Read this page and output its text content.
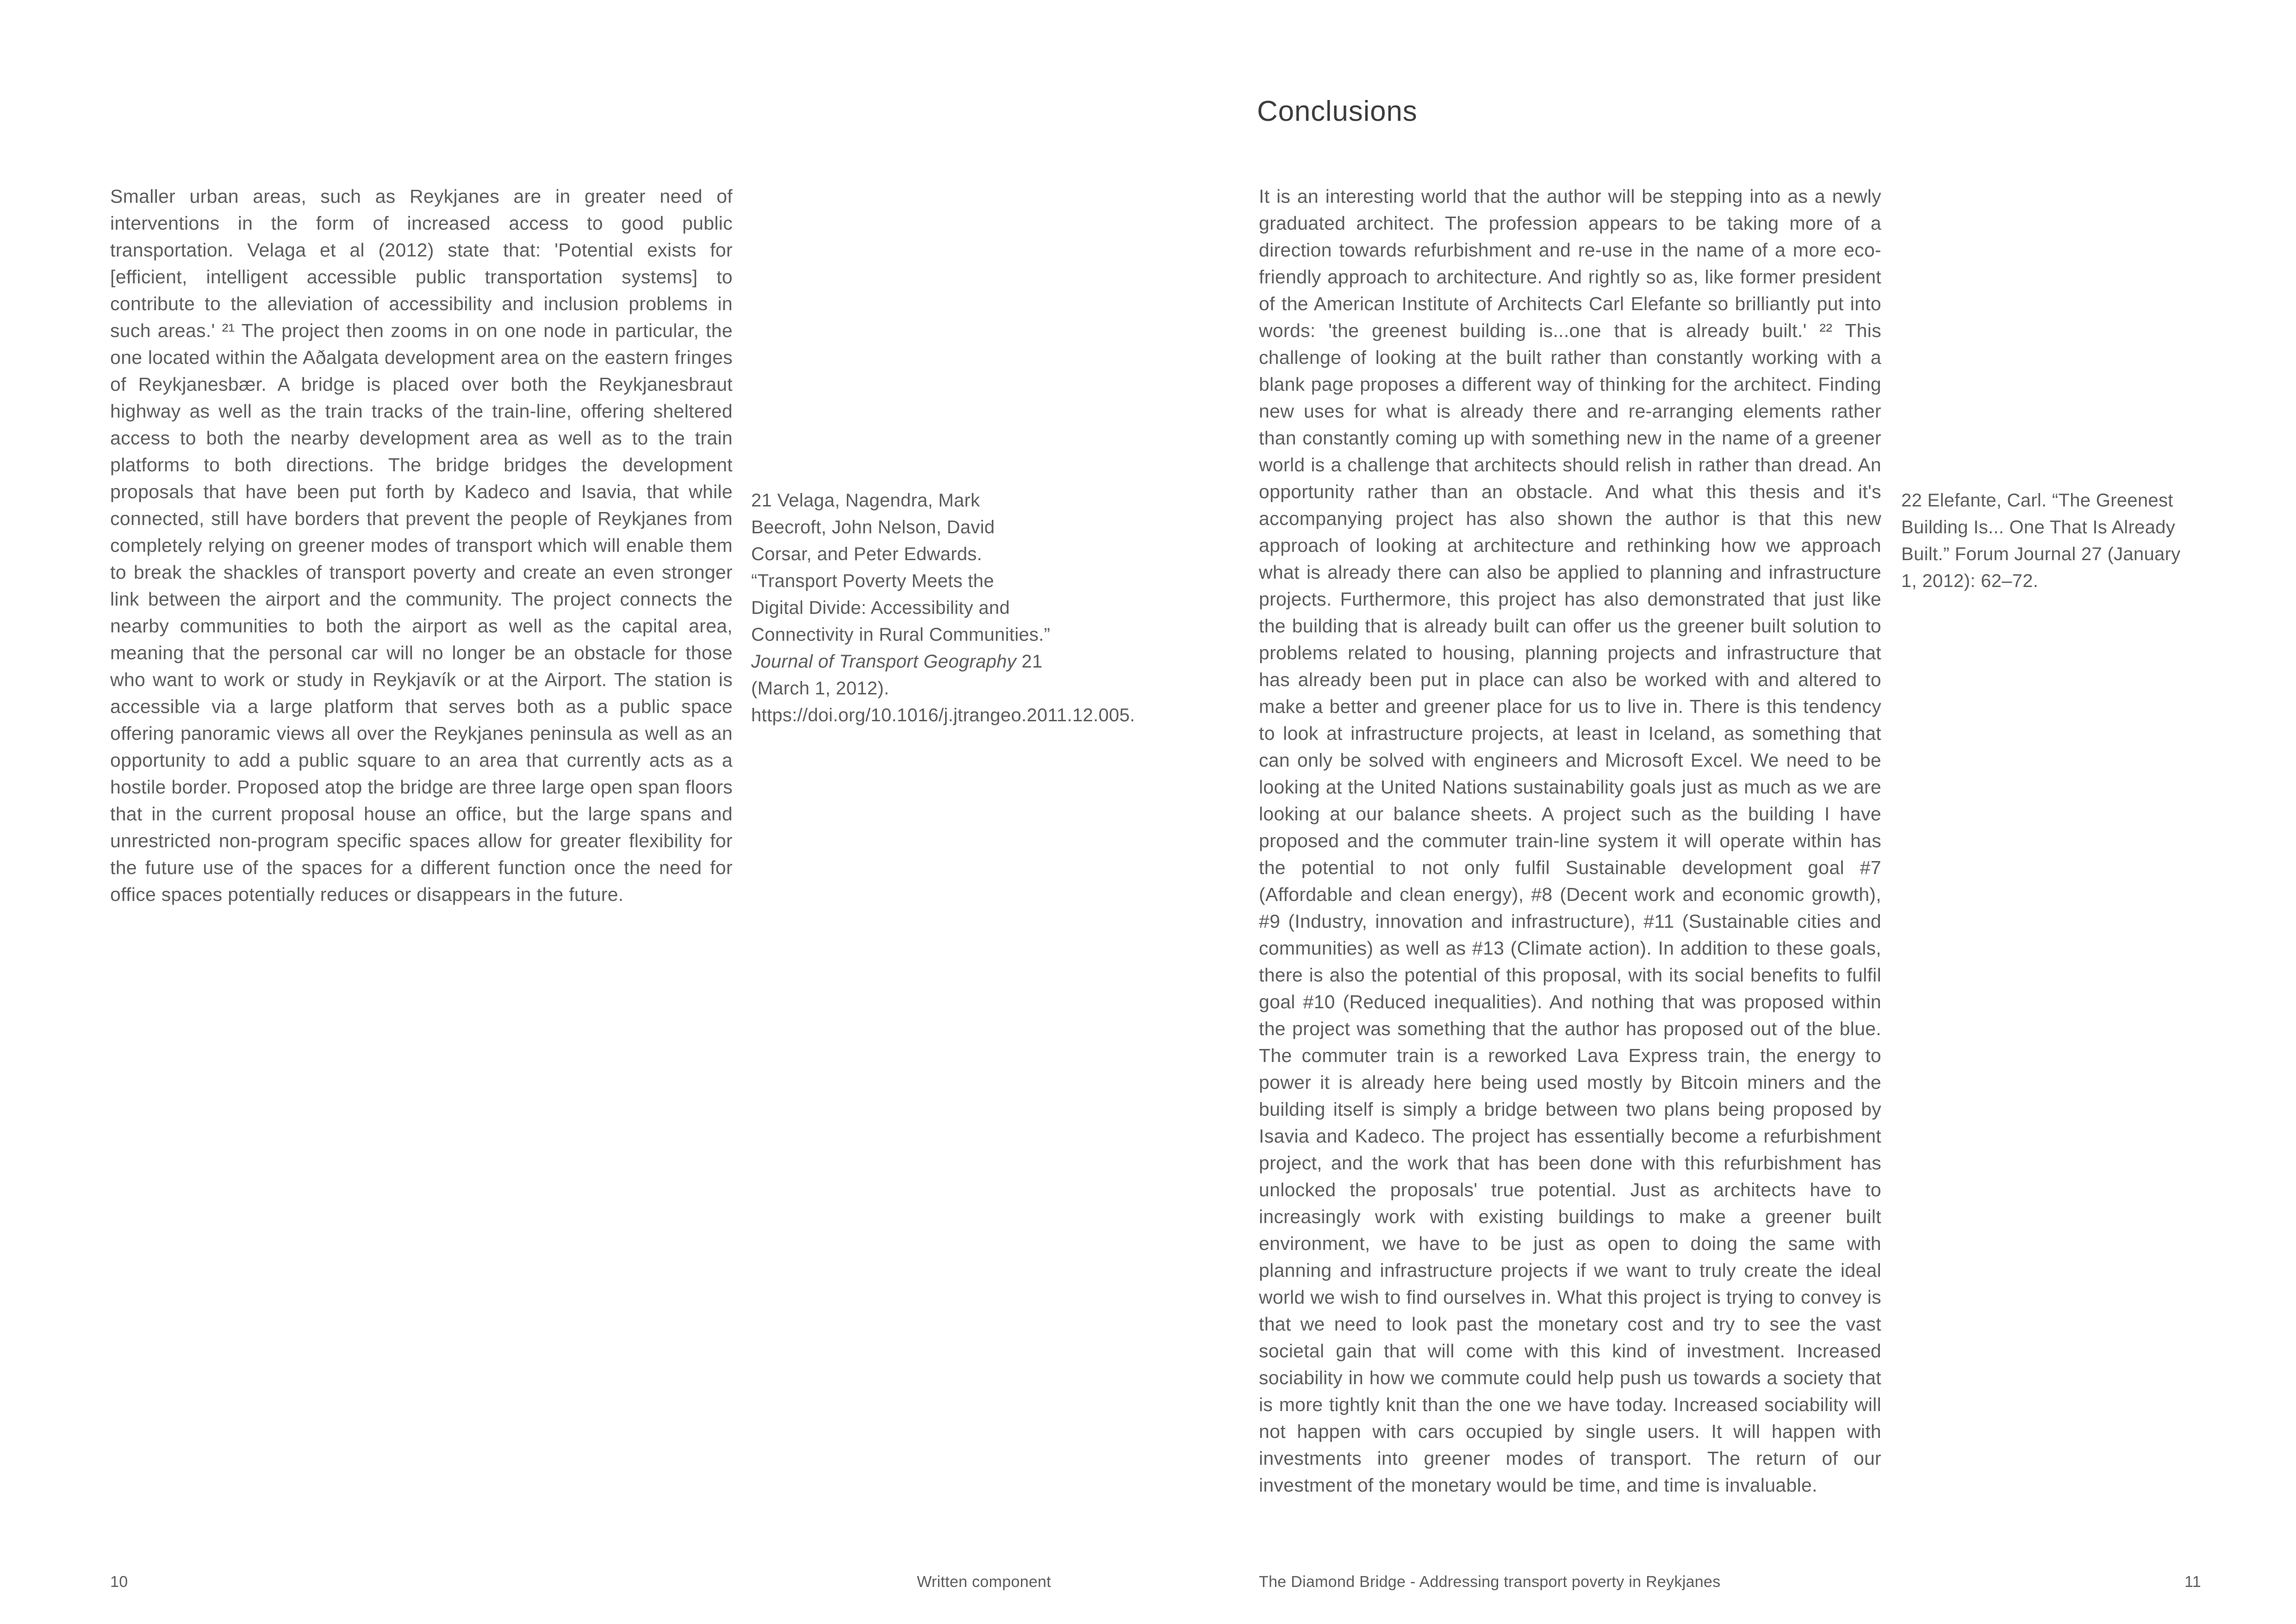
Smaller urban areas, such as Reykjanes are in greater need of interventions in the form of increased access to good public transportation. Velaga et al (2012) state that: 'Potential exists for [efficient, intelligent accessible public transportation systems] to contribute to the alleviation of accessibility and inclusion problems in such areas.' ²¹ The project then zooms in on one node in particular, the one located within the Aðalgata development area on the eastern fringes of Reykjanesbær. A bridge is placed over both the Reykjanesbraut highway as well as the train tracks of the train-line, offering sheltered access to both the nearby development area as well as to the train platforms to both directions. The bridge bridges the development proposals that have been put forth by Kadeco and Isavia, that while connected, still have borders that prevent the people of Reykjanes from completely relying on greener modes of transport which will enable them to break the shackles of transport poverty and create an even stronger link between the airport and the community. The project connects the nearby communities to both the airport as well as the capital area, meaning that the personal car will no longer be an obstacle for those who want to work or study in Reykjavík or at the Airport. The station is accessible via a large platform that serves both as a public space offering panoramic views all over the Reykjanes peninsula as well as an opportunity to add a public square to an area that currently acts as a hostile border. Proposed atop the bridge are three large open span floors that in the current proposal house an office, but the large spans and unrestricted non-program specific spaces allow for greater flexibility for the future use of the spaces for a different function once the need for office spaces potentially reduces or disappears in the future.
21 Velaga, Nagendra, Mark Beecroft, John Nelson, David Corsar, and Peter Edwards. “Transport Poverty Meets the Digital Divide: Accessibility and Connectivity in Rural Communities.” Journal of Transport Geography 21 (March 1, 2012). https://doi.org/10.1016/j.jtrangeo.2011.12.005.
Conclusions
It is an interesting world that the author will be stepping into as a newly graduated architect. The profession appears to be taking more of a direction towards refurbishment and re-use in the name of a more eco-friendly approach to architecture. And rightly so as, like former president of the American Institute of Architects Carl Elefante so brilliantly put into words: 'the greenest building is...one that is already built.' ²² This challenge of looking at the built rather than constantly working with a blank page proposes a different way of thinking for the architect. Finding new uses for what is already there and re-arranging elements rather than constantly coming up with something new in the name of a greener world is a challenge that architects should relish in rather than dread. An opportunity rather than an obstacle. And what this thesis and it's accompanying project has also shown the author is that this new approach of looking at architecture and rethinking how we approach what is already there can also be applied to planning and infrastructure projects. Furthermore, this project has also demonstrated that just like the building that is already built can offer us the greener built solution to problems related to housing, planning projects and infrastructure that has already been put in place can also be worked with and altered to make a better and greener place for us to live in. There is this tendency to look at infrastructure projects, at least in Iceland, as something that can only be solved with engineers and Microsoft Excel. We need to be looking at the United Nations sustainability goals just as much as we are looking at our balance sheets. A project such as the building I have proposed and the commuter train-line system it will operate within has the potential to not only fulfil Sustainable development goal #7 (Affordable and clean energy), #8 (Decent work and economic growth), #9 (Industry, innovation and infrastructure), #11 (Sustainable cities and communities) as well as #13 (Climate action). In addition to these goals, there is also the potential of this proposal, with its social benefits to fulfil goal #10 (Reduced inequalities). And nothing that was proposed within the project was something that the author has proposed out of the blue. The commuter train is a reworked Lava Express train, the energy to power it is already here being used mostly by Bitcoin miners and the building itself is simply a bridge between two plans being proposed by Isavia and Kadeco. The project has essentially become a refurbishment project, and the work that has been done with this refurbishment has unlocked the proposals' true potential. Just as architects have to increasingly work with existing buildings to make a greener built environment, we have to be just as open to doing the same with planning and infrastructure projects if we want to truly create the ideal world we wish to find ourselves in. What this project is trying to convey is that we need to look past the monetary cost and try to see the vast societal gain that will come with this kind of investment. Increased sociability in how we commute could help push us towards a society that is more tightly knit than the one we have today. Increased sociability will not happen with cars occupied by single users. It will happen with investments into greener modes of transport. The return of our investment of the monetary would be time, and time is invaluable.
22 Elefante, Carl. “The Greenest Building Is... One That Is Already Built.” Forum Journal 27 (January 1, 2012): 62–72.
10	Written component	The Diamond Bridge - Addressing transport poverty in Reykjanes	11
